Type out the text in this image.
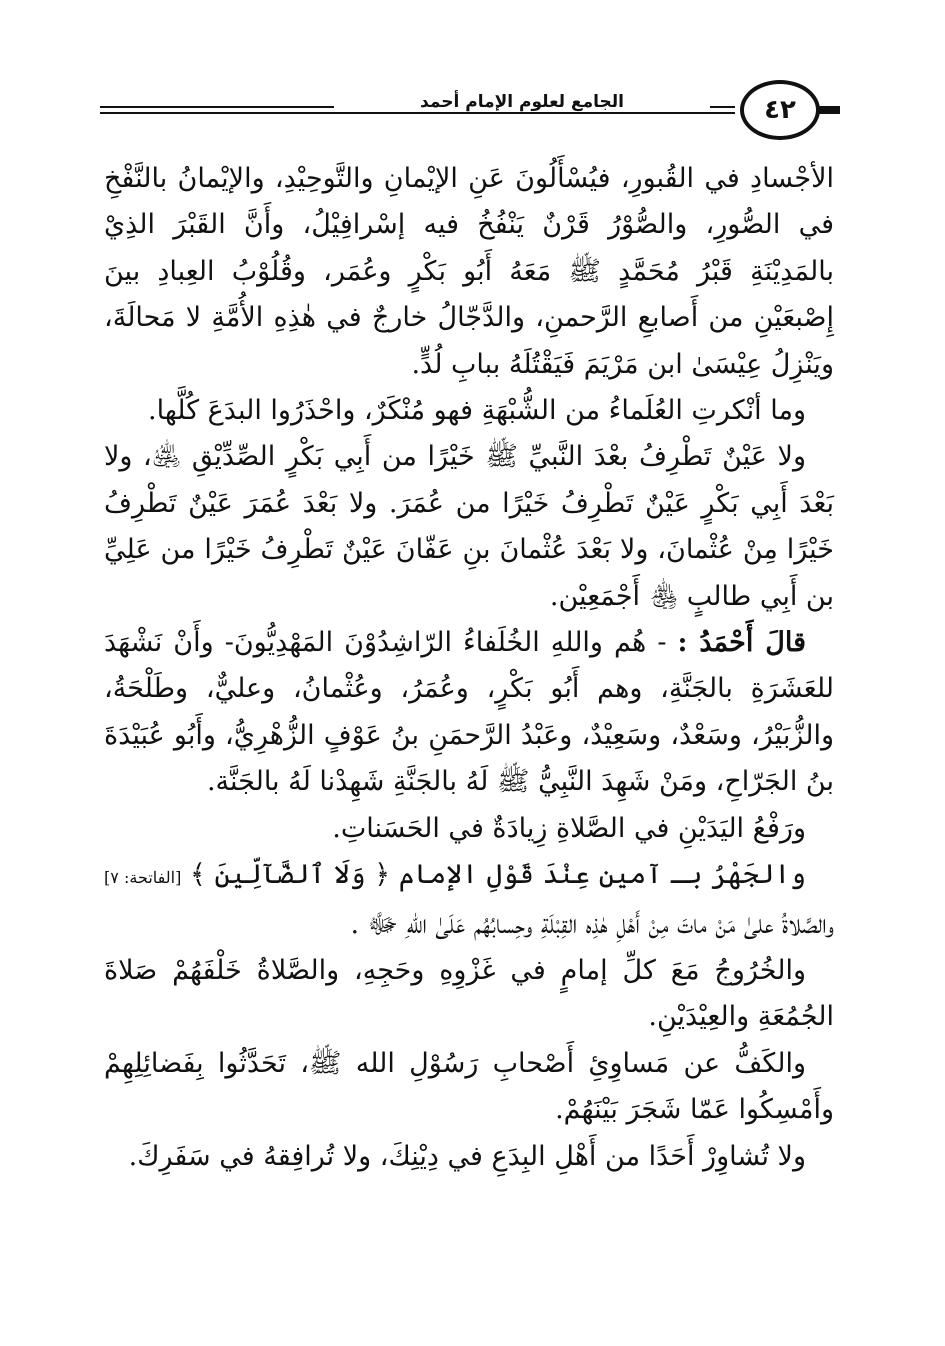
الجامع لعلوم الإمام أحمد	٤٢

الأجْسادِ في القُبورِ، فيُسْأَلُونَ عَنِ الإيْمانِ والتَّوحِيْدِ، والإيْمانُ بالنَّفْخِ في الصُّورِ، والصُّوْرُ قَرْنٌ يَنْفُخُ فيه إسْرافِيْلُ، وأَنَّ القَبْرَ الذِيْ بالمَدِيْنَةِ قَبْرُ مُحَمَّدٍ ﷺ مَعَهُ أَبُو بَكْرٍ وعُمَر، وقُلُوْبُ العِبادِ بينَ إِصْبعَيْنِ من أَصابعِ الرَّحمنِ، والدَّجّالُ خارجٌ في هٰذِهِ الأُمَّةِ لا مَحالَةَ، ويَنْزِلُ عِيْسَىٰ ابن مَرْيَمَ فَيَقْتُلَهُ ببابِ لُدٍّ.

وما أنْكرتِ العُلَماءُ من الشُّبْهَةِ فهو مُنْكَرٌ، واحْذَرُوا البدَعَ كُلَّها.

ولا عَيْنٌ تَطْرِفُ بعْدَ النَّبيِّ ﷺ خَيْرًا من أَبِي بَكْرٍ الصِّدِّيْقِ ﵁، ولا بَعْدَ أَبِي بَكْرٍ عَيْنٌ تَطْرِفُ خَيْرًا من عُمَرَ. ولا بَعْدَ عُمَرَ عَيْنٌ تَطْرِفُ خَيْرًا مِنْ عُثْمانَ، ولا بَعْدَ عُثْمانَ بنِ عَفّانَ عَيْنٌ تَطْرِفُ خَيْرًا من عَلِيِّ بن أَبِي طالبٍ ﵃ أَجْمَعِيْن.

قالَ أَحْمَدُ : - هُم واللهِ الخُلَفاءُ الرّاشِدُوْنَ المَهْدِيُّونَ- وأَنْ نَشْهَدَ للعَشَرَةِ بالجَنَّةِ، وهم أَبُو بَكْرٍ، وعُمَرُ، وعُثْمانُ، وعليٌّ، وطَلْحَةُ، والزُّبَيْرُ، وسَعْدٌ، وسَعِيْدٌ، وعَبْدُ الرَّحمَنِ بنُ عَوْفٍ الزُّهْرِيُّ، وأَبُو عُبَيْدَةَ بنُ الجَرّاحِ، ومَنْ شَهِدَ النَّبِيُّ ﷺ لَهُ بالجَنَّةِ شَهِدْنا لَهُ بالجَنَّة.

ورَفْعُ اليَدَيْنِ في الصَّلاةِ زِيادَةٌ في الحَسَناتِ.

والجَهْرُ بـ آمين عِنْدَ قَوْلِ الإمام ﴿ وَلَا ٱلضَّآلِّينَ ﴾ [الفاتحة: ٧] والصَّلاةُ علىٰ مَنْ ماتَ مِنْ أَهْلِ هٰذِه القِبْلَةِ وحِسابُهُم عَلَىٰ اللهِ ﷻ .

والخُرُوجُ مَعَ كلِّ إمامٍ في غَزْوِهِ وحَجِهِ، والصَّلاةُ خَلْفَهُمْ صَلاةَ الجُمُعَةِ والعِيْدَيْنِ.

والكَفُّ عن مَساوِئِ أَصْحابِ رَسُوْلِ الله ﷺ، تَحَدَّثُوا بِفَضائِلِهِمْ وأَمْسِكُوا عَمّا شَجَرَ بَيْنَهُمْ.

ولا تُشاوِرْ أَحَدًا من أَهْلِ البِدَعِ في دِيْنِكَ، ولا تُرافِقهُ في سَفَرِكَ.
